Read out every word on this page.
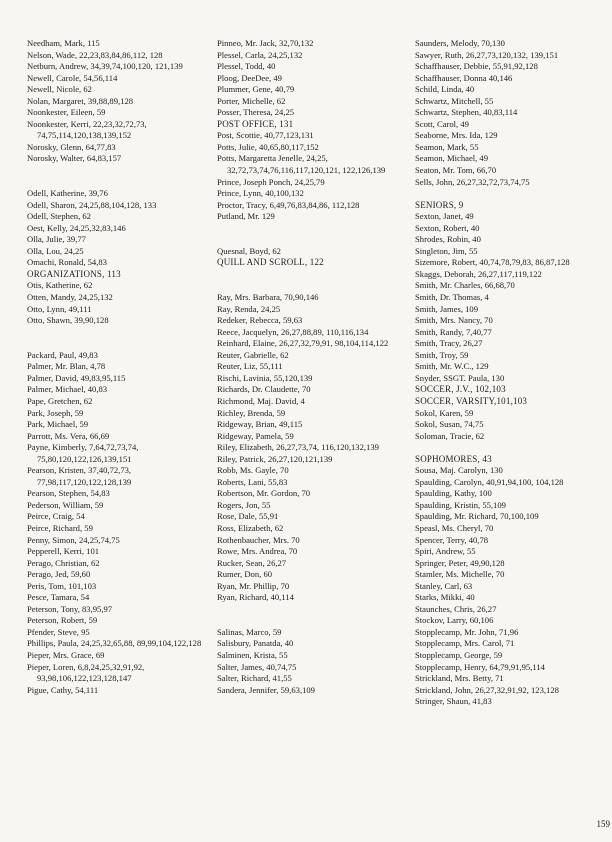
Needham, Mark, 115
Nelson, Wade, 22,23,83,84,86,112, 128
Netburn, Andrew, 34,39,74,100,120, 121,139
Newell, Carole, 54,56,114
Newell, Nicole, 62
Nolan, Margaret, 39,88,89,128
Noonkester, Eileen, 59
Noonkester, Kerri, 22,23,32,72,73, 74,75,114,120,138,139,152
Norosky, Glenn, 64,77,83
Norosky, Walter, 64,83,157
Odell, Katherine, 39,76
Odell, Sharon, 24,25,88,104,128, 133
Odell, Stephen, 62
Oest, Kelly, 24,25,32,83,146
Olla, Julie, 39,77
Olla, Lou, 24,25
Omachi, Ronald, 54,83
ORGANIZATIONS, 113
Otis, Katherine, 62
Otten, Mandy, 24,25,132
Otto, Lynn, 49,111
Otto, Shawn, 39,90,128
Packard, Paul, 49,83
Palmer, Mr. Blan, 4,78
Palmer, David, 49,83,95,115
Palmer, Michael, 40,83
Pape, Gretchen, 62
Park, Joseph, 59
Park, Michael, 59
Parrott, Ms. Vera, 66,69
Payne, Kimberly, 7,64,72,73,74, 75,80,120,122,126,139,151
Pearson, Kristen, 37,40,72,73, 77,98,117,120,122,128,139
Pearson, Stephen, 54,83
Pederson, William, 59
Peirce, Craig, 54
Peirce, Richard, 59
Penny, Simon, 24,25,74,75
Pepperell, Kerri, 101
Perago, Christian, 62
Perago, Jed, 59,60
Peris, Tom, 101,103
Pesce, Tamara, 54
Peterson, Tony, 83,95,97
Peterson, Robert, 59
Pfender, Steve, 95
Phillips, Paula, 24,25,32,65,88, 89,99,104,122,128
Pieper, Mrs. Grace, 69
Pieper, Loren, 6,8,24,25,32,91,92, 93,98,106,122,123,128,147
Pigue, Cathy, 54,111
Pinneo, Mr. Jack, 32,70,132
Plessel, Carla, 24,25,132
Plessel, Todd, 40
Ploog, DeeDee, 49
Plummer, Gene, 40,79
Porter, Michelle, 62
Posser, Theresa, 24,25
POST OFFICE, 131
Post, Scottie, 40,77,123,131
Potts, Julie, 40,65,80,117,152
Potts, Margaretta Jenelle, 24,25, 32,72,73,74,76,116,117,120,121, 122,126,139
Prince, Joseph Ponch, 24,25,79
Prince, Lynn, 40,100,132
Proctor, Tracy, 6,49,76,83,84,86, 112,128
Putland, Mr. 129
Quesnal, Boyd, 62
QUILL AND SCROLL, 122
Ray, Mrs. Barbara, 70,90,146
Ray, Renda, 24,25
Redeker, Rebecca, 59,63
Reece, Jacquelyn, 26,27,88,89, 110,116,134
Reinhard, Elaine, 26,27,32,79,91, 98,104,114,122
Reuter, Gabrielle, 62
Reuter, Liz, 55,111
Rischi, Lavinia, 55,120,139
Richards, Dr. Claudette, 70
Richmond, Maj. David, 4
Richley, Brenda, 59
Ridgeway, Brian, 49,115
Ridgeway, Pamela, 59
Riley, Elizabeth, 26,27,73,74, 116,120,132,139
Riley, Patrick, 26,27,120,121,139
Robb, Ms. Gayle, 70
Roberts, Lani, 55,83
Robertson, Mr. Gordon, 70
Rogers, Jon, 55
Rose, Dale, 55,91
Ross, Elizabeth, 62
Rothenbaucher, Mrs. 70
Rowe, Mrs. Andrea, 70
Rucker, Sean, 26,27
Rumer, Don, 60
Ryan, Mr. Phillip, 70
Ryan, Richard, 40,114
Salinas, Marco, 59
Salisbury, Panatda, 40
Salminen, Krista, 55
Salter, James, 40,74,75
Salter, Richard, 41,55
Sandera, Jennifer, 59,63,109
Saunders, Melody, 70,130
Sawyer, Ruth, 26,27,73,120,132, 139,151
Schaffhauser, Debbie, 55,91,92,128
Schaffhauser, Donna 40,146
Schild, Linda, 40
Schwartz, Mitchell, 55
Schwartz, Stephen, 40,83,114
Scott, Carol, 49
Seaborne, Mrs. Ida, 129
Seamon, Mark, 55
Seamon, Michael, 49
Seaton, Mr. Tom, 66,70
Sells, John, 26,27,32,72,73,74,75
SENIORS, 9
Sexton, Janet, 49
Sexton, Robert, 40
Shrodes, Robin, 40
Singleton, Jim, 55
Sizemore, Robert, 40,74,78,79,83, 86,87,128
Skaggs, Deborah, 26,27,117,119,122
Smith, Mr. Charles, 66,68,70
Smith, Dr. Thomas, 4
Smith, James, 109
Smith, Mrs. Nancy, 70
Smith, Randy, 7,40,77
Smith, Tracy, 26,27
Smith, Troy, 59
Smith, Mr. W.C., 129
Snyder, SSGT. Paula, 130
SOCCER, J.V., 102,103
SOCCER, VARSITY,101,103
Sokol, Karen, 59
Sokol, Susan, 74,75
Soloman, Tracie, 62
SOPHOMORES, 43
Sousa, Maj. Carolyn, 130
Spaulding, Carolyn, 40,91,94,100, 104,128
Spaulding, Kathy, 100
Spaulding, Kristin, 55,109
Spaulding, Mr. Richard, 70,100,109
Speasl, Ms. Cheryl, 70
Spencer, Terry, 40,78
Spiri, Andrew, 55
Springer, Peter, 49,90,128
Stamler, Ms. Michelle, 70
Stanley, Carl, 63
Starks, Mikki, 40
Staunches, Chris, 26,27
Stockov, Larry, 60,106
Stopplecamp, Mr. John, 71,96
Stopplecamp, Mrs. Carol, 71
Stopplecamp, George, 59
Stopplecamp, Henry, 64,79,91,95,114
Strickland, Mrs. Betty, 71
Strickland, John, 26,27,32,91,92, 123,128
Stringer, Shaun, 41,83
159
